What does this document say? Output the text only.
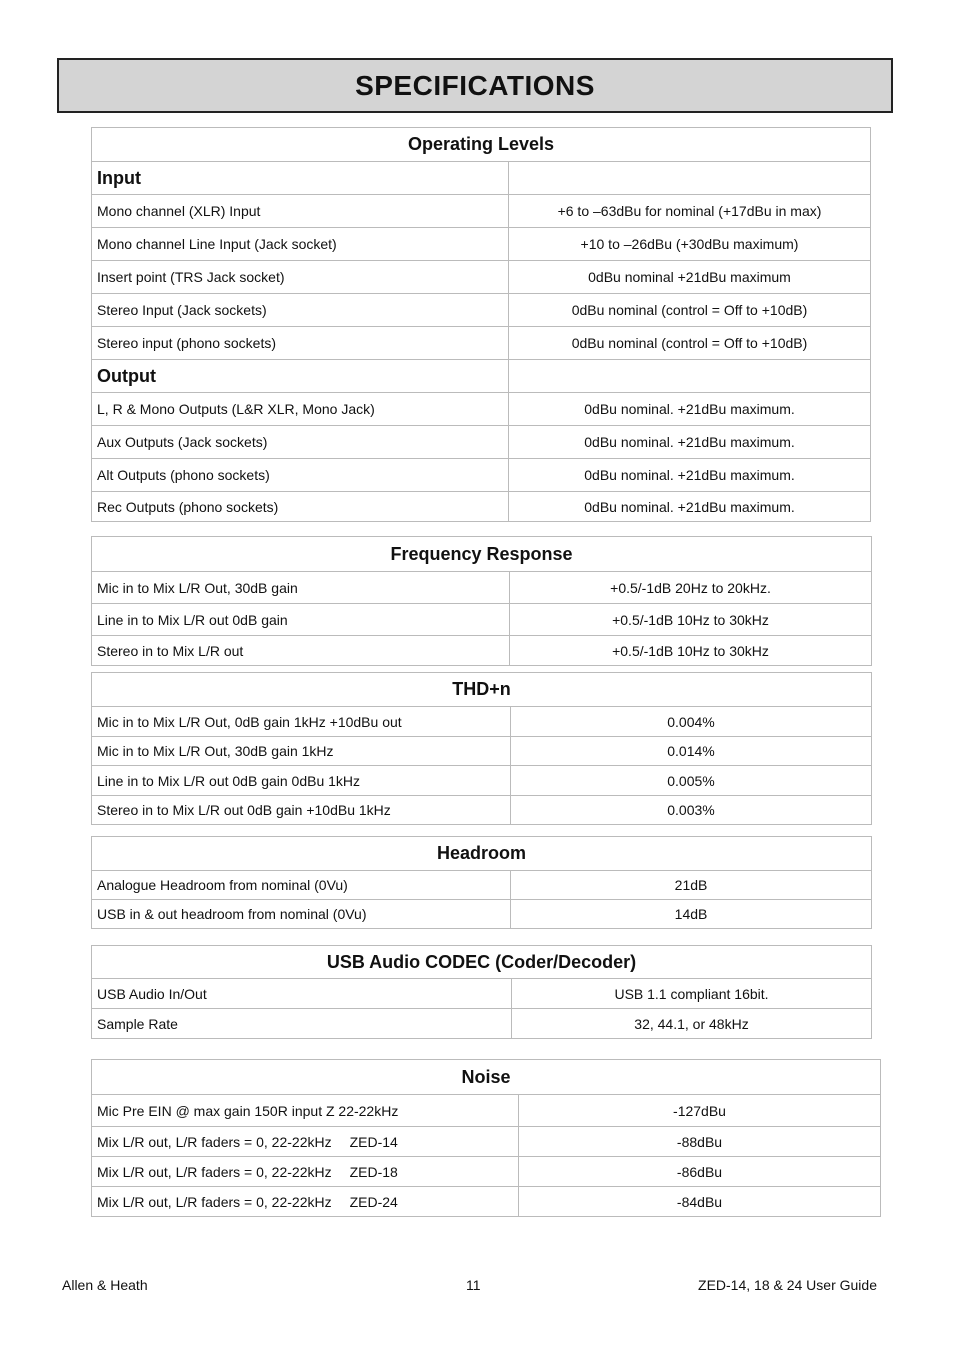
SPECIFICATIONS
Operating Levels	
Input	
Mono channel (XLR) Input	+6 to –63dBu for nominal (+17dBu in max)
Mono channel Line Input (Jack socket)	+10 to –26dBu (+30dBu maximum)
Insert point (TRS Jack socket)	0dBu nominal +21dBu maximum
Stereo Input (Jack sockets)	0dBu nominal (control = Off to +10dB)
Stereo input (phono sockets)	0dBu nominal (control = Off to +10dB)
Output	
L, R & Mono Outputs (L&R XLR, Mono Jack)	0dBu nominal. +21dBu maximum.
Aux Outputs (Jack sockets)	0dBu nominal. +21dBu maximum.
Alt Outputs (phono sockets)	0dBu nominal. +21dBu maximum.
Rec Outputs (phono sockets)	0dBu nominal. +21dBu maximum.
Frequency Response	
Mic in to Mix L/R Out, 30dB gain	+0.5/-1dB 20Hz to 20kHz.
Line in to Mix L/R out 0dB gain	+0.5/-1dB 10Hz to 30kHz
Stereo in to Mix L/R out	+0.5/-1dB 10Hz to 30kHz
THD+n	
Mic in to Mix L/R Out, 0dB gain 1kHz +10dBu out	0.004%
Mic in to Mix L/R Out, 30dB gain 1kHz	0.014%
Line in to Mix L/R out 0dB gain 0dBu 1kHz	0.005%
Stereo in to Mix L/R out 0dB gain +10dBu 1kHz	0.003%
Headroom	
Analogue Headroom from nominal (0Vu)	21dB
USB in & out headroom from nominal (0Vu)	14dB
USB Audio CODEC (Coder/Decoder)	
USB Audio In/Out	USB 1.1 compliant 16bit.
Sample Rate	32, 44.1, or 48kHz
Noise	
Mic Pre EIN @ max gain 150R input Z 22-22kHz	-127dBu
Mix L/R out, L/R faders = 0, 22-22kHz ZED-14	-88dBu
Mix L/R out, L/R faders = 0, 22-22kHz ZED-18	-86dBu
Mix L/R out, L/R faders = 0, 22-22kHz ZED-24	-84dBu
Allen & Heath	11	ZED-14, 18 & 24 User Guide
